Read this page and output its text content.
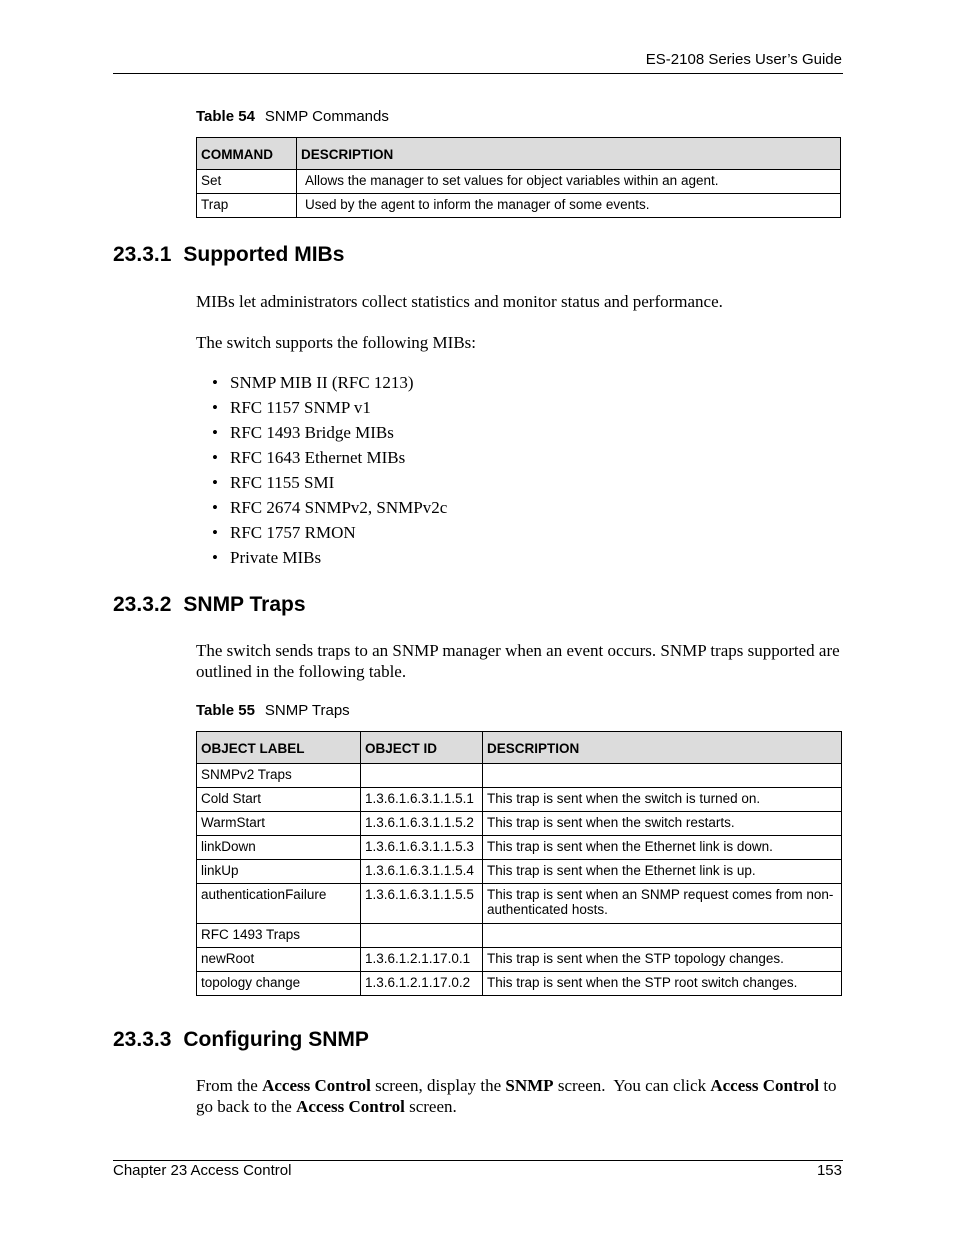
ES-2108 Series User’s Guide
Table 54 SNMP Commands
COMMAND	DESCRIPTION
Set	Allows the manager to set values for object variables within an agent.
Trap	Used by the agent to inform the manager of some events.
23.3.1 Supported MIBs
MIBs let administrators collect statistics and monitor status and performance.
The switch supports the following MIBs:
• SNMP MIB II (RFC 1213)
• RFC 1157 SNMP v1
• RFC 1493 Bridge MIBs
• RFC 1643 Ethernet MIBs
• RFC 1155 SMI
• RFC 2674 SNMPv2, SNMPv2c
• RFC 1757 RMON
• Private MIBs
23.3.2 SNMP Traps
The switch sends traps to an SNMP manager when an event occurs. SNMP traps supported are outlined in the following table.
Table 55 SNMP Traps
OBJECT LABEL	OBJECT ID	DESCRIPTION
SNMPv2 Traps		
Cold Start	1.3.6.1.6.3.1.1.5.1	This trap is sent when the switch is turned on.
WarmStart	1.3.6.1.6.3.1.1.5.2	This trap is sent when the switch restarts.
linkDown	1.3.6.1.6.3.1.1.5.3	This trap is sent when the Ethernet link is down.
linkUp	1.3.6.1.6.3.1.1.5.4	This trap is sent when the Ethernet link is up.
authenticationFailure	1.3.6.1.6.3.1.1.5.5	This trap is sent when an SNMP request comes from non-authenticated hosts.
RFC 1493 Traps		
newRoot	1.3.6.1.2.1.17.0.1	This trap is sent when the STP topology changes.
topology change	1.3.6.1.2.1.17.0.2	This trap is sent when the STP root switch changes.
23.3.3 Configuring SNMP
From the Access Control screen, display the SNMP screen.  You can click Access Control to go back to the Access Control screen.
Chapter 23 Access Control	153
